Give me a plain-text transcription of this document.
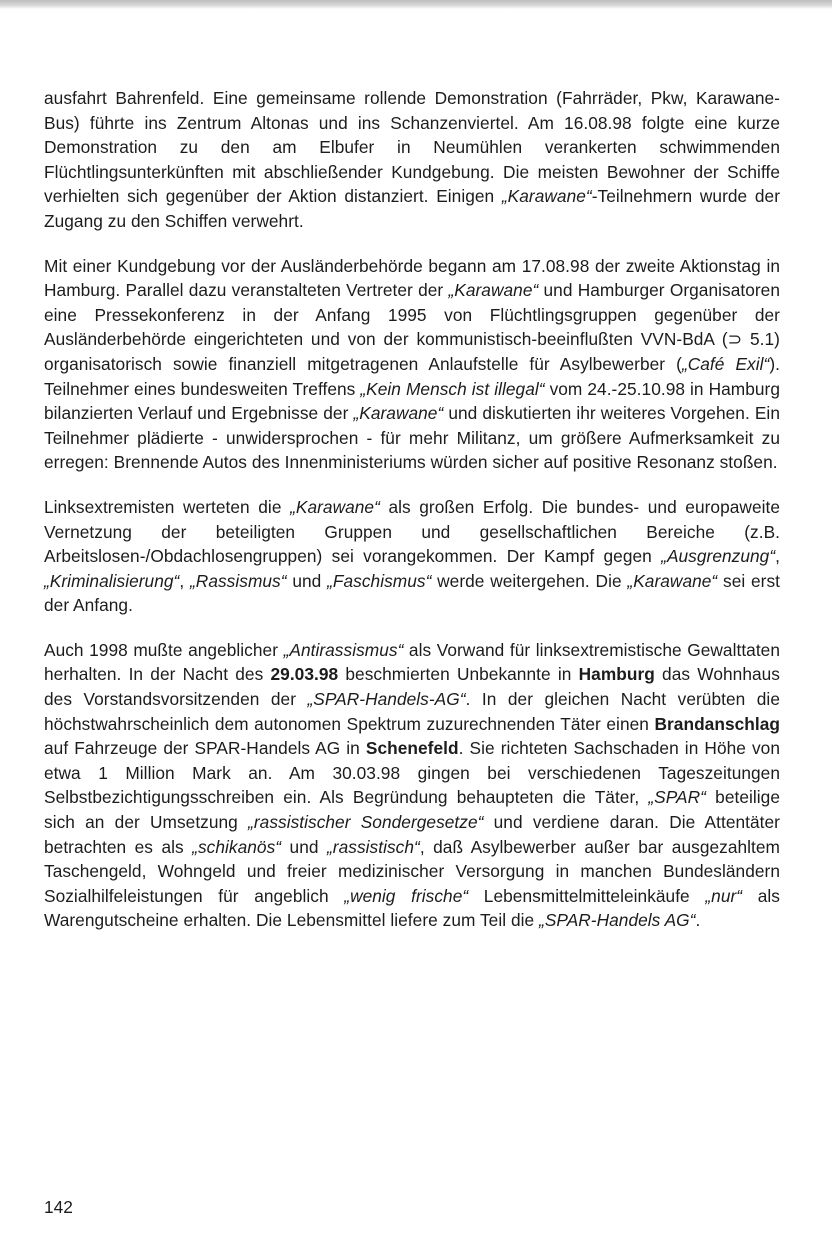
ausfahrt Bahrenfeld. Eine gemeinsame rollende Demonstration (Fahrräder, Pkw, Karawane-Bus) führte ins Zentrum Altonas und ins Schanzenviertel. Am 16.08.98 folgte eine kurze Demonstration zu den am Elbufer in Neumühlen verankerten schwimmenden Flüchtlingsunterkünften mit abschließender Kundgebung. Die meisten Bewohner der Schiffe verhielten sich gegenüber der Aktion distanziert. Einigen „Karawane“-Teilnehmern wurde der Zugang zu den Schiffen verwehrt.

Mit einer Kundgebung vor der Ausländerbehörde begann am 17.08.98 der zweite Aktionstag in Hamburg. Parallel dazu veranstalteten Vertreter der „Karawane“ und Hamburger Organisatoren eine Pressekonferenz in der Anfang 1995 von Flüchtlingsgruppen gegenüber der Ausländerbehörde eingerichteten und von der kommunistisch-beeinflußten VVN-BdA (⊃ 5.1) organisatorisch sowie finanziell mitgetragenen Anlaufstelle für Asylbewerber („Café Exil“). Teilnehmer eines bundesweiten Treffens „Kein Mensch ist illegal“ vom 24.-25.10.98 in Hamburg bilanzierten Verlauf und Ergebnisse der „Karawane“ und diskutierten ihr weiteres Vorgehen. Ein Teilnehmer plädierte - unwidersprochen - für mehr Militanz, um größere Aufmerksamkeit zu erregen: Brennende Autos des Innenministeriums würden sicher auf positive Resonanz stoßen.

Linksextremisten werteten die „Karawane“ als großen Erfolg. Die bundes- und europaweite Vernetzung der beteiligten Gruppen und gesellschaftlichen Bereiche (z.B. Arbeitslosen-/Obdachlosengruppen) sei vorangekommen. Der Kampf gegen „Ausgrenzung“, „Kriminalisierung“, „Rassismus“ und „Faschismus“ werde weitergehen. Die „Karawane“ sei erst der Anfang.

Auch 1998 mußte angeblicher „Antirassismus“ als Vorwand für linksextremistische Gewalttaten herhalten. In der Nacht des 29.03.98 beschmierten Unbekannte in Hamburg das Wohnhaus des Vorstandsvorsitzenden der „SPAR-Handels-AG“. In der gleichen Nacht verübten die höchstwahrscheinlich dem autonomen Spektrum zuzurechnenden Täter einen Brandanschlag auf Fahrzeuge der SPAR-Handels AG in Schenefeld. Sie richteten Sachschaden in Höhe von etwa 1 Million Mark an. Am 30.03.98 gingen bei verschiedenen Tageszeitungen Selbstbezichtigungsschreiben ein. Als Begründung behaupteten die Täter, „SPAR“ beteilige sich an der Umsetzung „rassistischer Sondergesetze“ und verdiene daran. Die Attentäter betrachten es als „schikanös“ und „rassistisch“, daß Asylbewerber außer bar ausgezahltem Taschengeld, Wohngeld und freier medizinischer Versorgung in manchen Bundesländern Sozialhilfeleistungen für angeblich „wenig frische“ Lebensmittelmitteleinkäufe „nur“ als Warengutscheine erhalten. Die Lebensmittel liefere zum Teil die „SPAR-Handels AG“.

142
